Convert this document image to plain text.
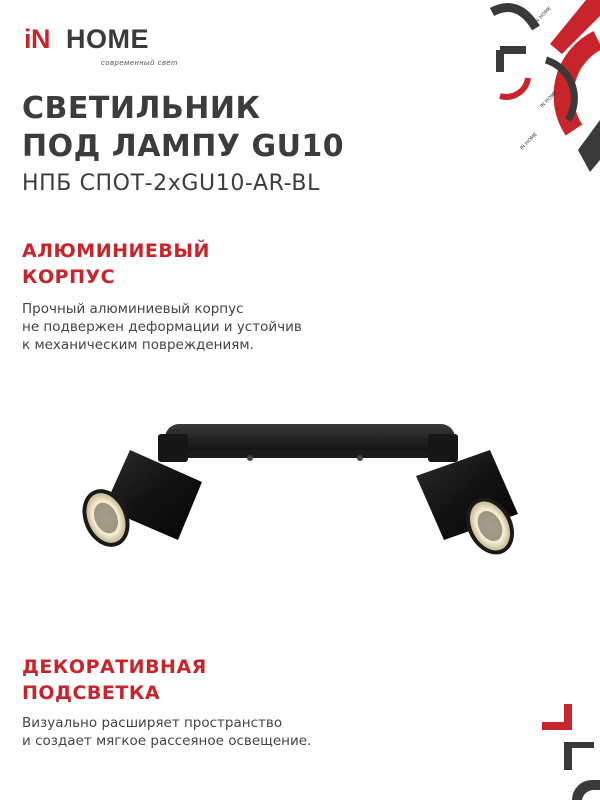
iN HOME
современный свет
IN HOME
IN HOME
IN HOME
СВЕТИЛЬНИК
ПОД ЛАМПУ GU10
НПБ СПОТ-2xGU10-AR-BL
АЛЮМИНИЕВЫЙ
КОРПУС
Прочный алюминиевый корпус
не подвержен деформации и устойчив
к механическим повреждениям.
ДЕКОРАТИВНАЯ
ПОДСВЕТКА
Визуально расширяет пространство
и создает мягкое рассеяное освещение.
